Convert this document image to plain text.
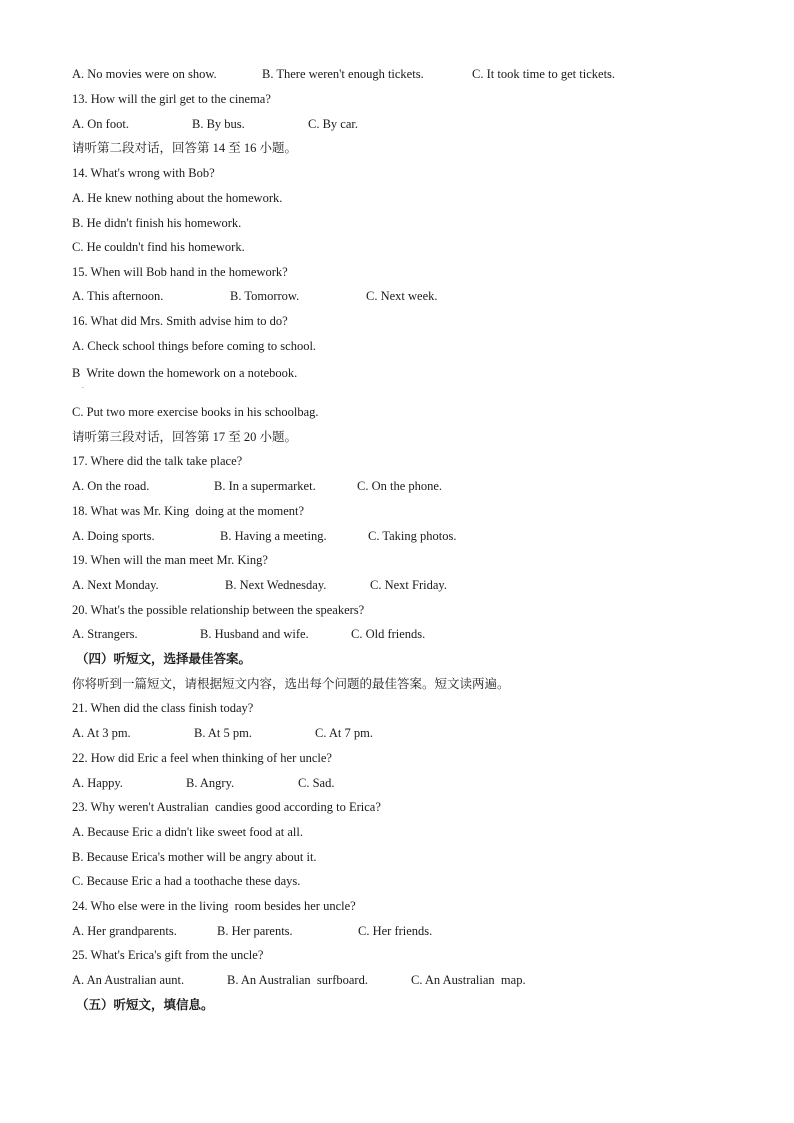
A. No movies were on show.	B. There weren't enough tickets.	C. It took time to get tickets.
13. How will the girl get to the cinema?
A. On foot.	B. By bus.	C. By car.
请听第二段对话，回答第 14 至 16 小题。
14. What's wrong with Bob?
A. He knew nothing about the homework.
B. He didn't finish his homework.
C. He couldn't find his homework.
15. When will Bob hand in the homework?
A. This afternoon.	B. Tomorrow.	C. Next week.
16. What did Mrs. Smith advise him to do?
A. Check school things before coming to school.
B  Write down the homework on a notebook.
C. Put two more exercise books in his schoolbag.
请听第三段对话，回答第 17 至 20 小题。
17. Where did the talk take place?
A. On the road.	B. In a supermarket.	C. On the phone.
18. What was Mr. King  doing at the moment?
A. Doing sports.	B. Having a meeting.	C. Taking photos.
19. When will the man meet Mr. King?
A. Next Monday.	B. Next Wednesday.	C. Next Friday.
20. What's the possible relationship between the speakers?
A. Strangers.	B. Husband and wife.	C. Old friends.
（四）听短文，选择最佳答案。
你将听到一篇短文，请根据短文内容，选出每个问题的最佳答案。短文读两遍。
21. When did the class finish today?
A. At 3 pm.	B. At 5 pm.	C. At 7 pm.
22. How did Eric a feel when thinking of her uncle?
A. Happy.	B. Angry.	C. Sad.
23. Why weren't Australian  candies good according to Erica?
A. Because Eric a didn't like sweet food at all.
B. Because Erica's mother will be angry about it.
C. Because Eric a had a toothache these days.
24. Who else were in the living  room besides her uncle?
A. Her grandparents.	B. Her parents.	C. Her friends.
25. What's Erica's gift from the uncle?
A. An Australian aunt.	B. An Australian  surfboard.	C. An Australian  map.
（五）听短文，填信息。
.
